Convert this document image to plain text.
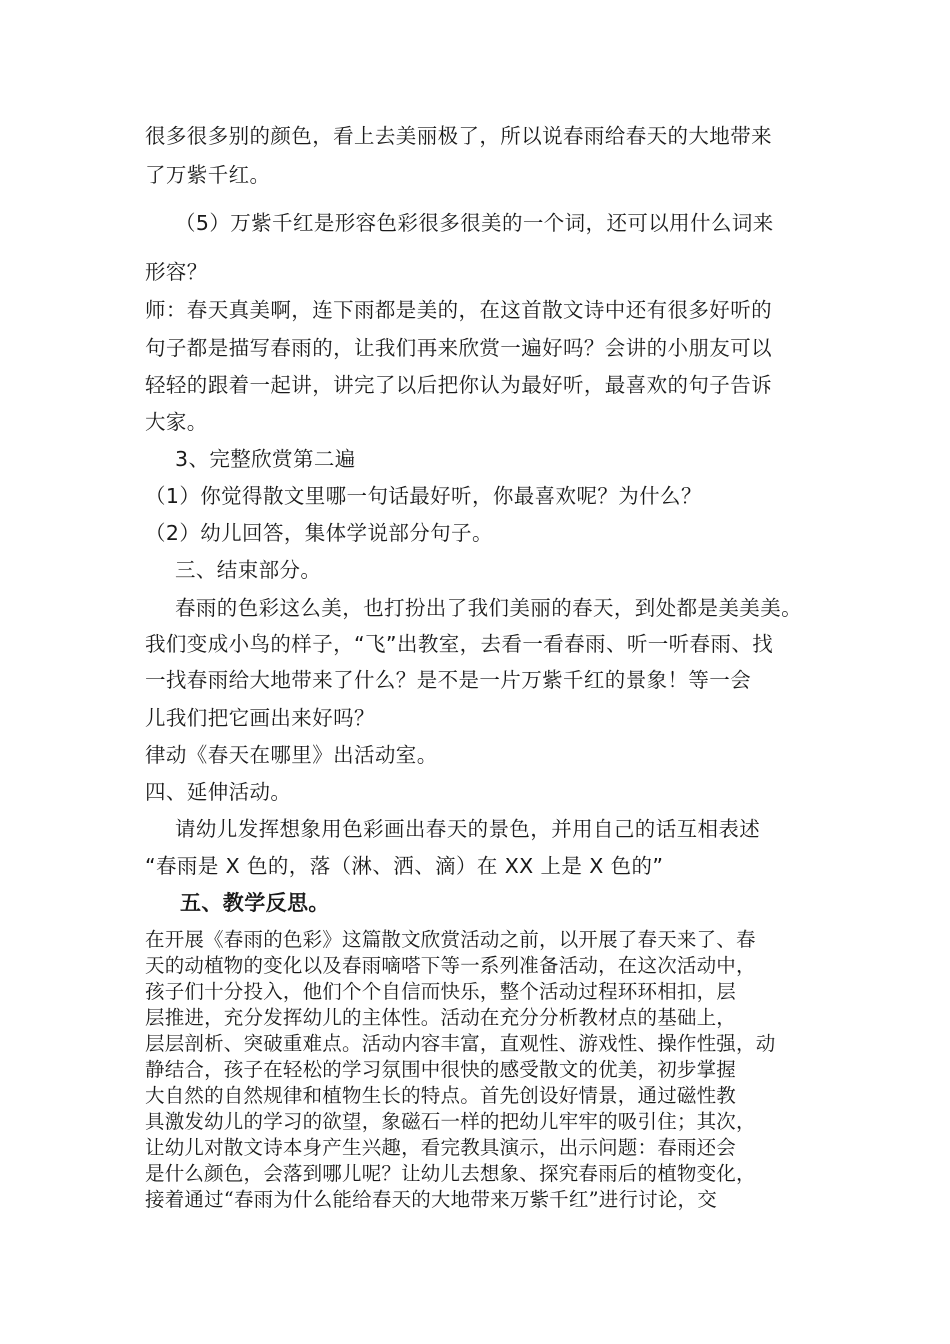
很多很多别的颜色，看上去美丽极了，所以说春雨给春天的大地带来
了万紫千红。
（5）万紫千红是形容色彩很多很美的一个词，还可以用什么词来
形容？
师：春天真美啊，连下雨都是美的，在这首散文诗中还有很多好听的
句子都是描写春雨的，让我们再来欣赏一遍好吗？会讲的小朋友可以
轻轻的跟着一起讲，讲完了以后把你认为最好听，最喜欢的句子告诉
大家。
3、完整欣赏第二遍
（1）你觉得散文里哪一句话最好听，你最喜欢呢？为什么？
（2）幼儿回答，集体学说部分句子。
三、结束部分。
春雨的色彩这么美，也打扮出了我们美丽的春天，到处都是美美美。
我们变成小鸟的样子，“飞”出教室，去看一看春雨、听一听春雨、找
一找春雨给大地带来了什么？是不是一片万紫千红的景象！等一会
儿我们把它画出来好吗？
律动《春天在哪里》出活动室。
四、延伸活动。
请幼儿发挥想象用色彩画出春天的景色，并用自己的话互相表述
“春雨是 X 色的，落（淋、洒、滴）在 XX 上是 X 色的”
五、教学反思。
在开展《春雨的色彩》这篇散文欣赏活动之前，以开展了春天来了、春
天的动植物的变化以及春雨嘀嗒下等一系列准备活动，在这次活动中，
孩子们十分投入，他们个个自信而快乐，整个活动过程环环相扣，层
层推进，充分发挥幼儿的主体性。活动在充分分析教材点的基础上，
层层剖析、突破重难点。活动内容丰富，直观性、游戏性、操作性强，动
静结合，孩子在轻松的学习氛围中很快的感受散文的优美，初步掌握
大自然的自然规律和植物生长的特点。首先创设好情景，通过磁性教
具激发幼儿的学习的欲望，象磁石一样的把幼儿牢牢的吸引住；其次，
让幼儿对散文诗本身产生兴趣，看完教具演示，出示问题：春雨还会
是什么颜色，会落到哪儿呢？让幼儿去想象、探究春雨后的植物变化，
接着通过“春雨为什么能给春天的大地带来万紫千红”进行讨论，交
